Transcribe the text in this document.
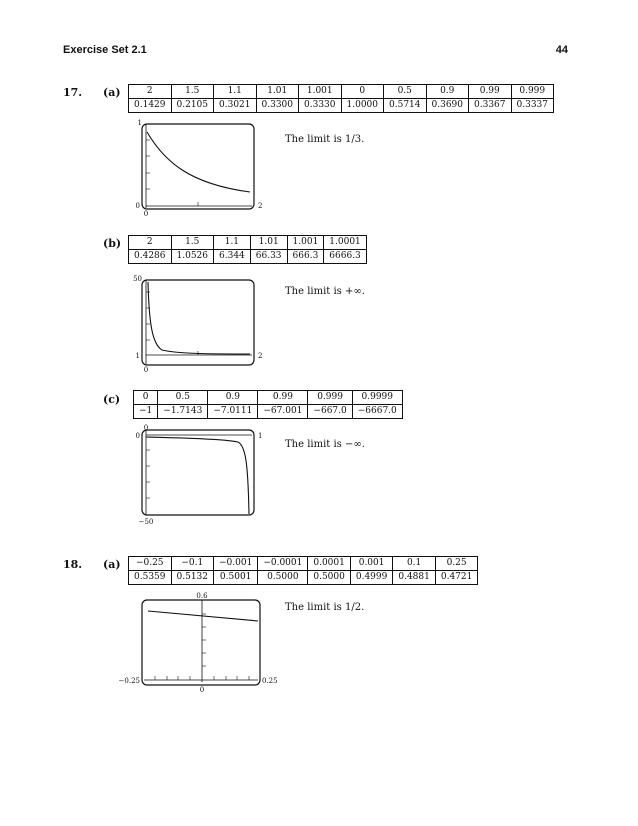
Exercise Set 2.1	44
17. (a)	2	1.5	1.1	1.01	1.001	0	0.5	0.9	0.99	0.999
0.1429	0.2105	0.3021	0.3300	0.3330	1.0000	0.5714	0.3690	0.3367	0.3337
1
0
0
2
The limit is 1/3.
(b)	2	1.5	1.1	1.01	1.001	1.0001
0.4286	1.0526	6.344	66.33	666.3	6666.3
50
1
0
2
The limit is +∞.
(c)	0	0.5	0.9	0.99	0.999	0.9999
−1	−1.7143	−7.0111	−67.001	−667.0	−6667.0
0
0	1
−50
The limit is −∞.
18. (a) −0.25	−0.1	−0.001	−0.0001	0.0001	0.001	0.1	0.25
0.5359	0.5132	0.5001	0.5000	0.5000	0.4999	0.4881	0.4721
0.6
0
−0.25	0.25
The limit is 1/2.
